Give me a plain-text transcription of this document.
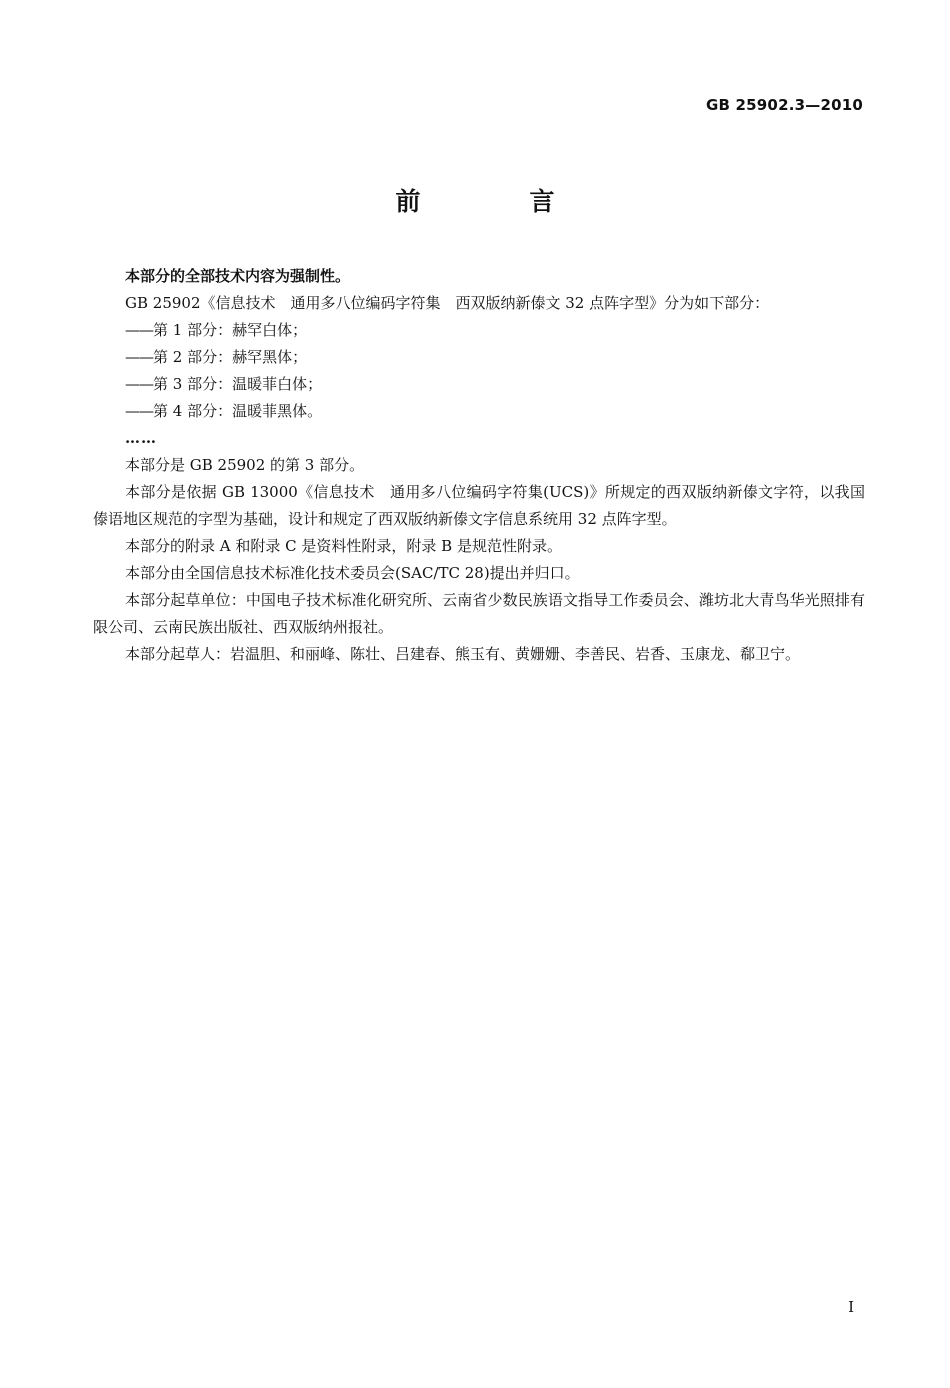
GB 25902.3—2010
前　言

本部分的全部技术内容为强制性。

GB 25902《信息技术　通用多八位编码字符集　西双版纳新傣文 32 点阵字型》分为如下部分：

——第 1 部分：赫罕白体；

——第 2 部分：赫罕黑体；

——第 3 部分：温暖菲白体；

——第 4 部分：温暖菲黑体。

……

本部分是 GB 25902 的第 3 部分。

本部分是依据 GB 13000《信息技术　通用多八位编码字符集(UCS)》所规定的西双版纳新傣文字符，以我国傣语地区规范的字型为基础，设计和规定了西双版纳新傣文字信息系统用 32 点阵字型。

本部分的附录 A 和附录 C 是资料性附录，附录 B 是规范性附录。

本部分由全国信息技术标准化技术委员会(SAC/TC 28)提出并归口。

本部分起草单位：中国电子技术标准化研究所、云南省少数民族语文指导工作委员会、潍坊北大青鸟华光照排有限公司、云南民族出版社、西双版纳州报社。

本部分起草人：岩温胆、和丽峰、陈壮、吕建春、熊玉有、黄姗姗、李善民、岩香、玉康龙、郗卫宁。

I
